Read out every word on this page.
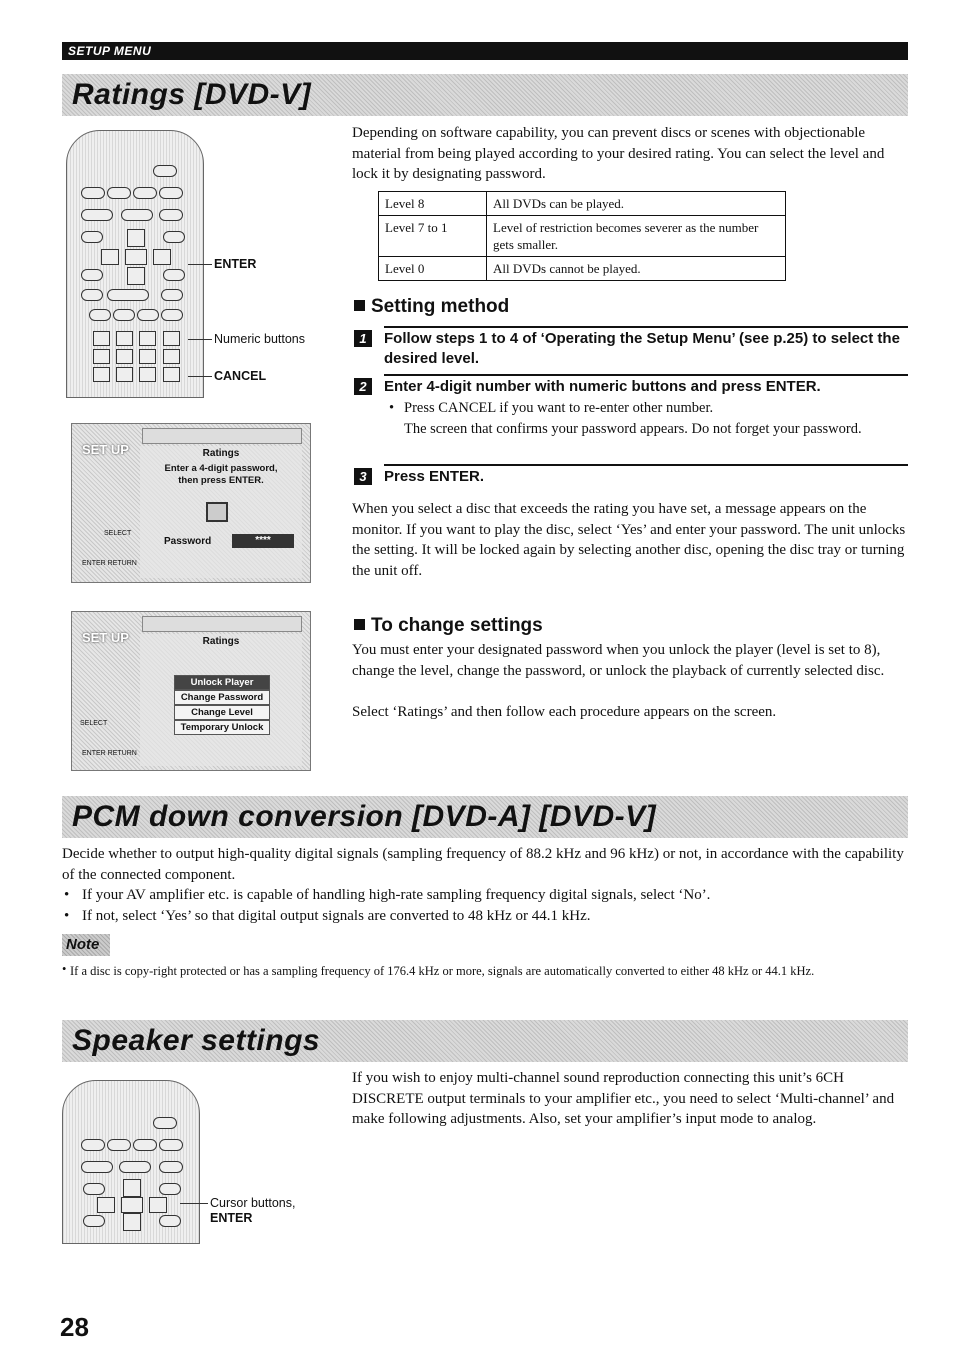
SETUP MENU
Ratings [DVD-V]
ENTER
Numeric buttons
CANCEL
SET UP	Ratings
Enter a 4-digit password,
then press ENTER.
Password	****
SELECT
ENTER RETURN
SET UP	Ratings
SELECT
ENTER RETURN
Unlock Player
Change Password
Change Level
Temporary Unlock
Depending on software capability, you can prevent discs or scenes with objectionable material from being played according to your desired rating. You can select the level and lock it by designating password.
Level 8	All DVDs can be played.
Level 7 to 1	Level of restriction becomes severer as the number gets smaller.
Level 0	All DVDs cannot be played.
Setting method
1	Follow steps 1 to 4 of ‘Operating the Setup Menu’ (see p.25) to select the desired level.
2	Enter 4-digit number with numeric buttons and press ENTER.
• Press CANCEL if you want to re-enter other number.
The screen that confirms your password appears. Do not forget your password.
3	Press ENTER.
When you select a disc that exceeds the rating you have set, a message appears on the monitor. If you want to play the disc, select ‘Yes’ and enter your password. The unit unlocks the setting. It will be locked again by selecting another disc, opening the disc tray or turning the unit off.
To change settings
You must enter your designated password when you unlock the player (level is set to 8), change the level, change the password, or unlock the playback of currently selected disc.
Select ‘Ratings’ and then follow each procedure appears on the screen.
PCM down conversion [DVD-A] [DVD-V]
Decide whether to output high-quality digital signals (sampling frequency of 88.2 kHz and 96 kHz) or not, in accordance with the capability of the connected component.
• If your AV amplifier etc. is capable of handling high-rate sampling frequency digital signals, select ‘No’.
• If not, select ‘Yes’ so that digital output signals are converted to 48 kHz or 44.1 kHz.
Note
• If a disc is copy-right protected or has a sampling frequency of 176.4 kHz or more, signals are automatically converted to either 48 kHz or 44.1 kHz.
Speaker settings
Cursor buttons,
ENTER
If you wish to enjoy multi-channel sound reproduction connecting this unit’s 6CH DISCRETE output terminals to your amplifier etc., you need to select ‘Multi-channel’ and make following adjustments. Also, set your amplifier’s input mode to analog.
28
